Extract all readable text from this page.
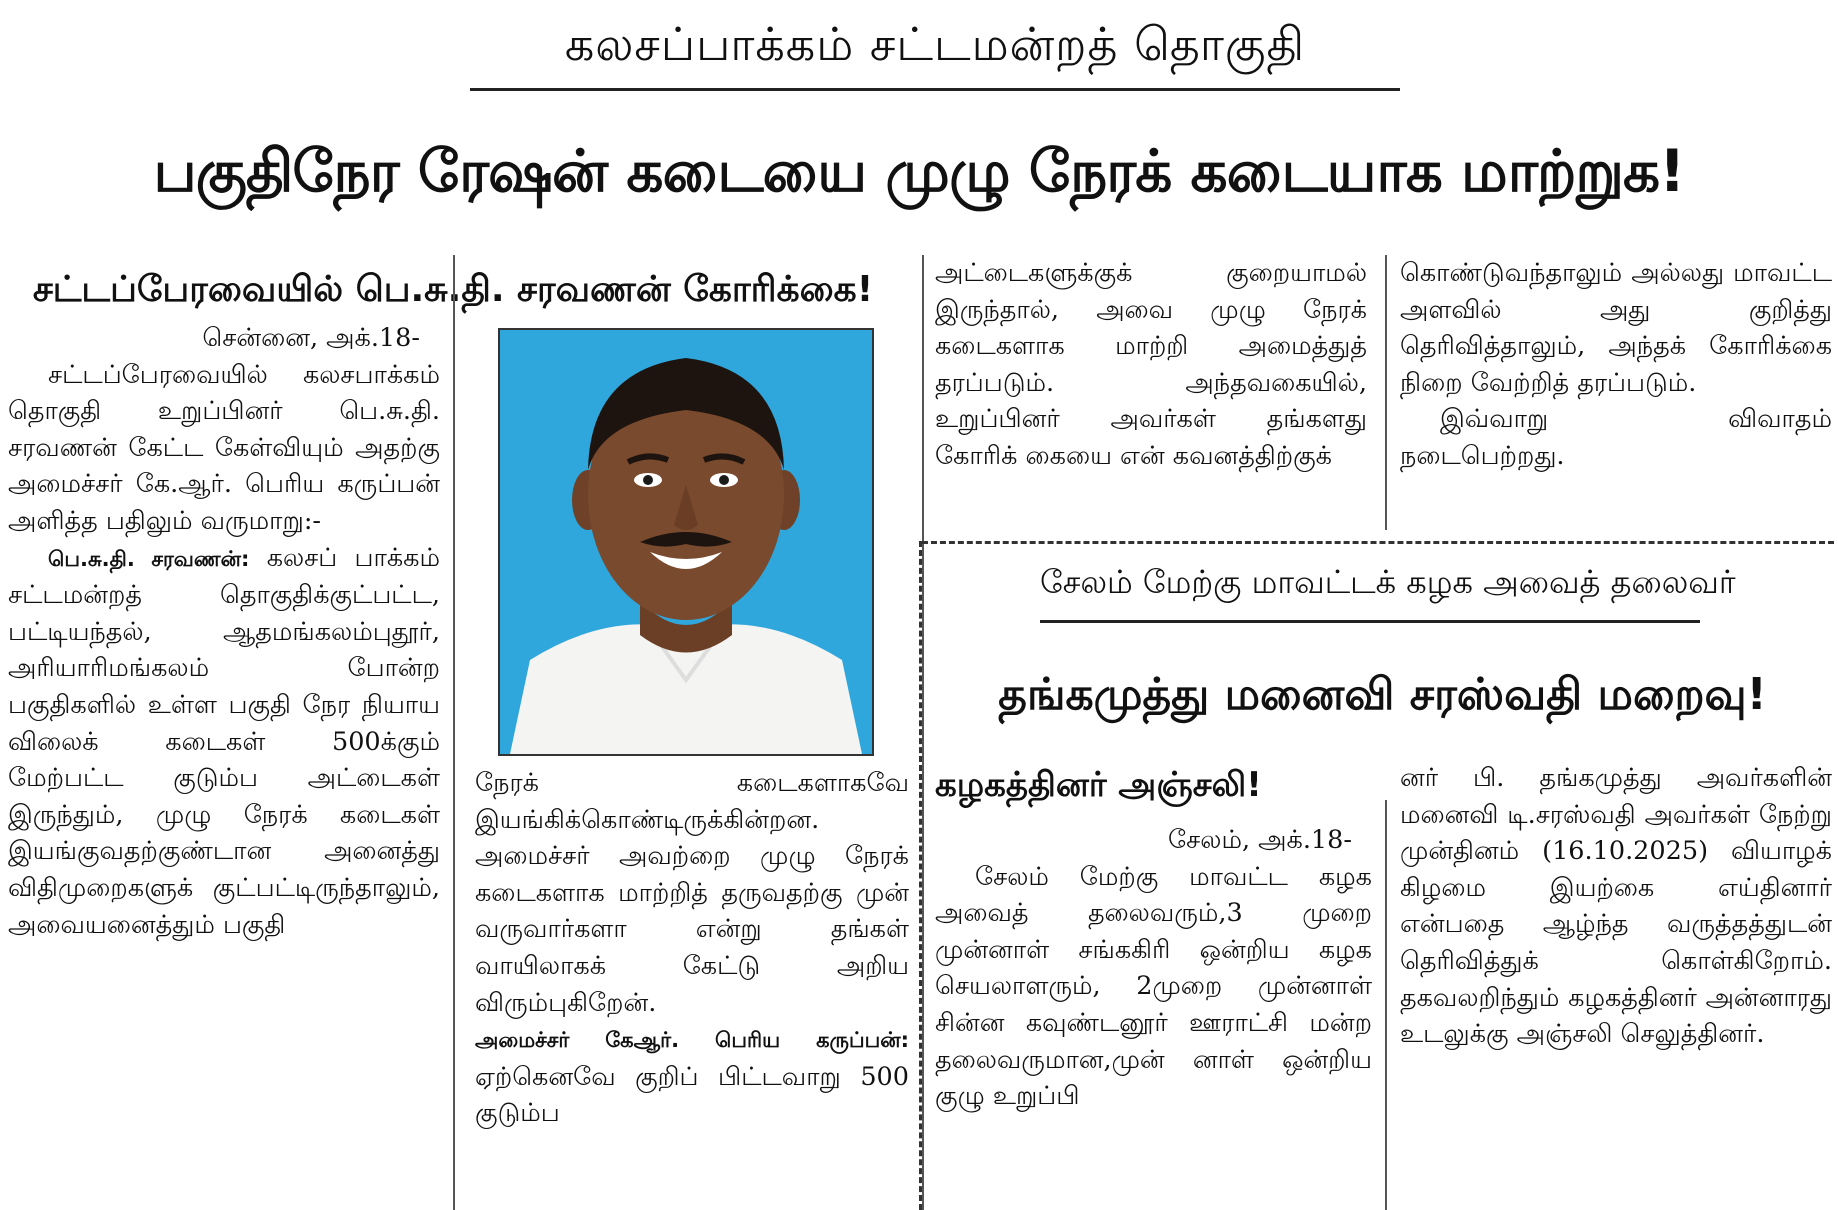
கலசப்பாக்கம் சட்டமன்றத் தொகுதி
பகுதிநேர ரேஷன் கடையை முழு நேரக் கடையாக மாற்றுக!
சட்டப்பேரவையில் பெ.சு.தி. சரவணன் கோரிக்கை!

சென்னை, அக்.18-

சட்டப்பேரவையில் கலசபாக்கம் தொகுதி உறுப்பினர் பெ.சு.தி. சரவணன் கேட்ட கேள்வியும் அதற்கு அமைச்சர் கே.ஆர். பெரிய கருப்பன் அளித்த பதிலும் வருமாறு:-

பெ.சு.தி. சரவணன்: கலசப் பாக்கம் சட்டமன்றத் தொகுதிக்குட்பட்ட, பட்டியந்தல், ஆதமங்கலம்புதூர், அரியாரிமங்கலம் போன்ற பகுதிகளில் உள்ள பகுதி நேர நியாய விலைக் கடைகள் 500க்கும் மேற்பட்ட குடும்ப அட்டைகள் இருந்தும், முழு நேரக் கடைகள் இயங்குவதற்குண்டான அனைத்து விதிமுறைகளுக் குட்பட்டிருந்தாலும், அவையனைத்தும் பகுதி

நேரக் கடைகளாகவே இயங்கிக்கொண்டிருக்கின்றன. அமைச்சர் அவற்றை முழு நேரக் கடைகளாக மாற்றித் தருவதற்கு முன் வருவார்களா என்று தங்கள் வாயிலாகக் கேட்டு அறிய விரும்புகிறேன்.

அமைச்சர் கேஆர். பெரிய கருப்பன்: ஏற்கெனவே குறிப் பிட்டவாறு 500 குடும்ப

அட்டைகளுக்குக் குறையாமல் இருந்தால், அவை முழு நேரக் கடைகளாக மாற்றி அமைத்துத் தரப்படும். அந்தவகையில், உறுப்பினர் அவர்கள் தங்களது கோரிக் கையை என் கவனத்திற்குக்

கொண்டுவந்தாலும் அல்லது மாவட்ட அளவில் அது குறித்து தெரிவித்தாலும், அந்தக் கோரிக்கை நிறை வேற்றித் தரப்படும்.

இவ்வாறு விவாதம் நடைபெற்றது.

சேலம் மேற்கு மாவட்டக் கழக அவைத் தலைவர்
தங்கமுத்து மனைவி சரஸ்வதி மறைவு!
கழகத்தினர் அஞ்சலி!

சேலம், அக்.18-

சேலம் மேற்கு மாவட்ட கழக அவைத் தலைவரும்,3 முறை முன்னாள் சங்ககிரி ஒன்றிய கழக செயலாளரும், 2முறை முன்னாள் சின்ன கவுண்டனூர் ஊராட்சி மன்ற தலைவருமான,முன் னாள் ஒன்றிய குழு உறுப்பி

னர் பி. தங்கமுத்து அவர்களின் மனைவி டி.சரஸ்வதி அவர்கள் நேற்று முன்தினம் (16.10.2025) வியாழக் கிழமை இயற்கை எய்தினார் என்பதை ஆழ்ந்த வருத்தத்துடன் தெரிவித்துக் கொள்கிறோம். தகவலறிந்தும் கழகத்தினர் அன்னாரது உடலுக்கு அஞ்சலி செலுத்தினர்.
